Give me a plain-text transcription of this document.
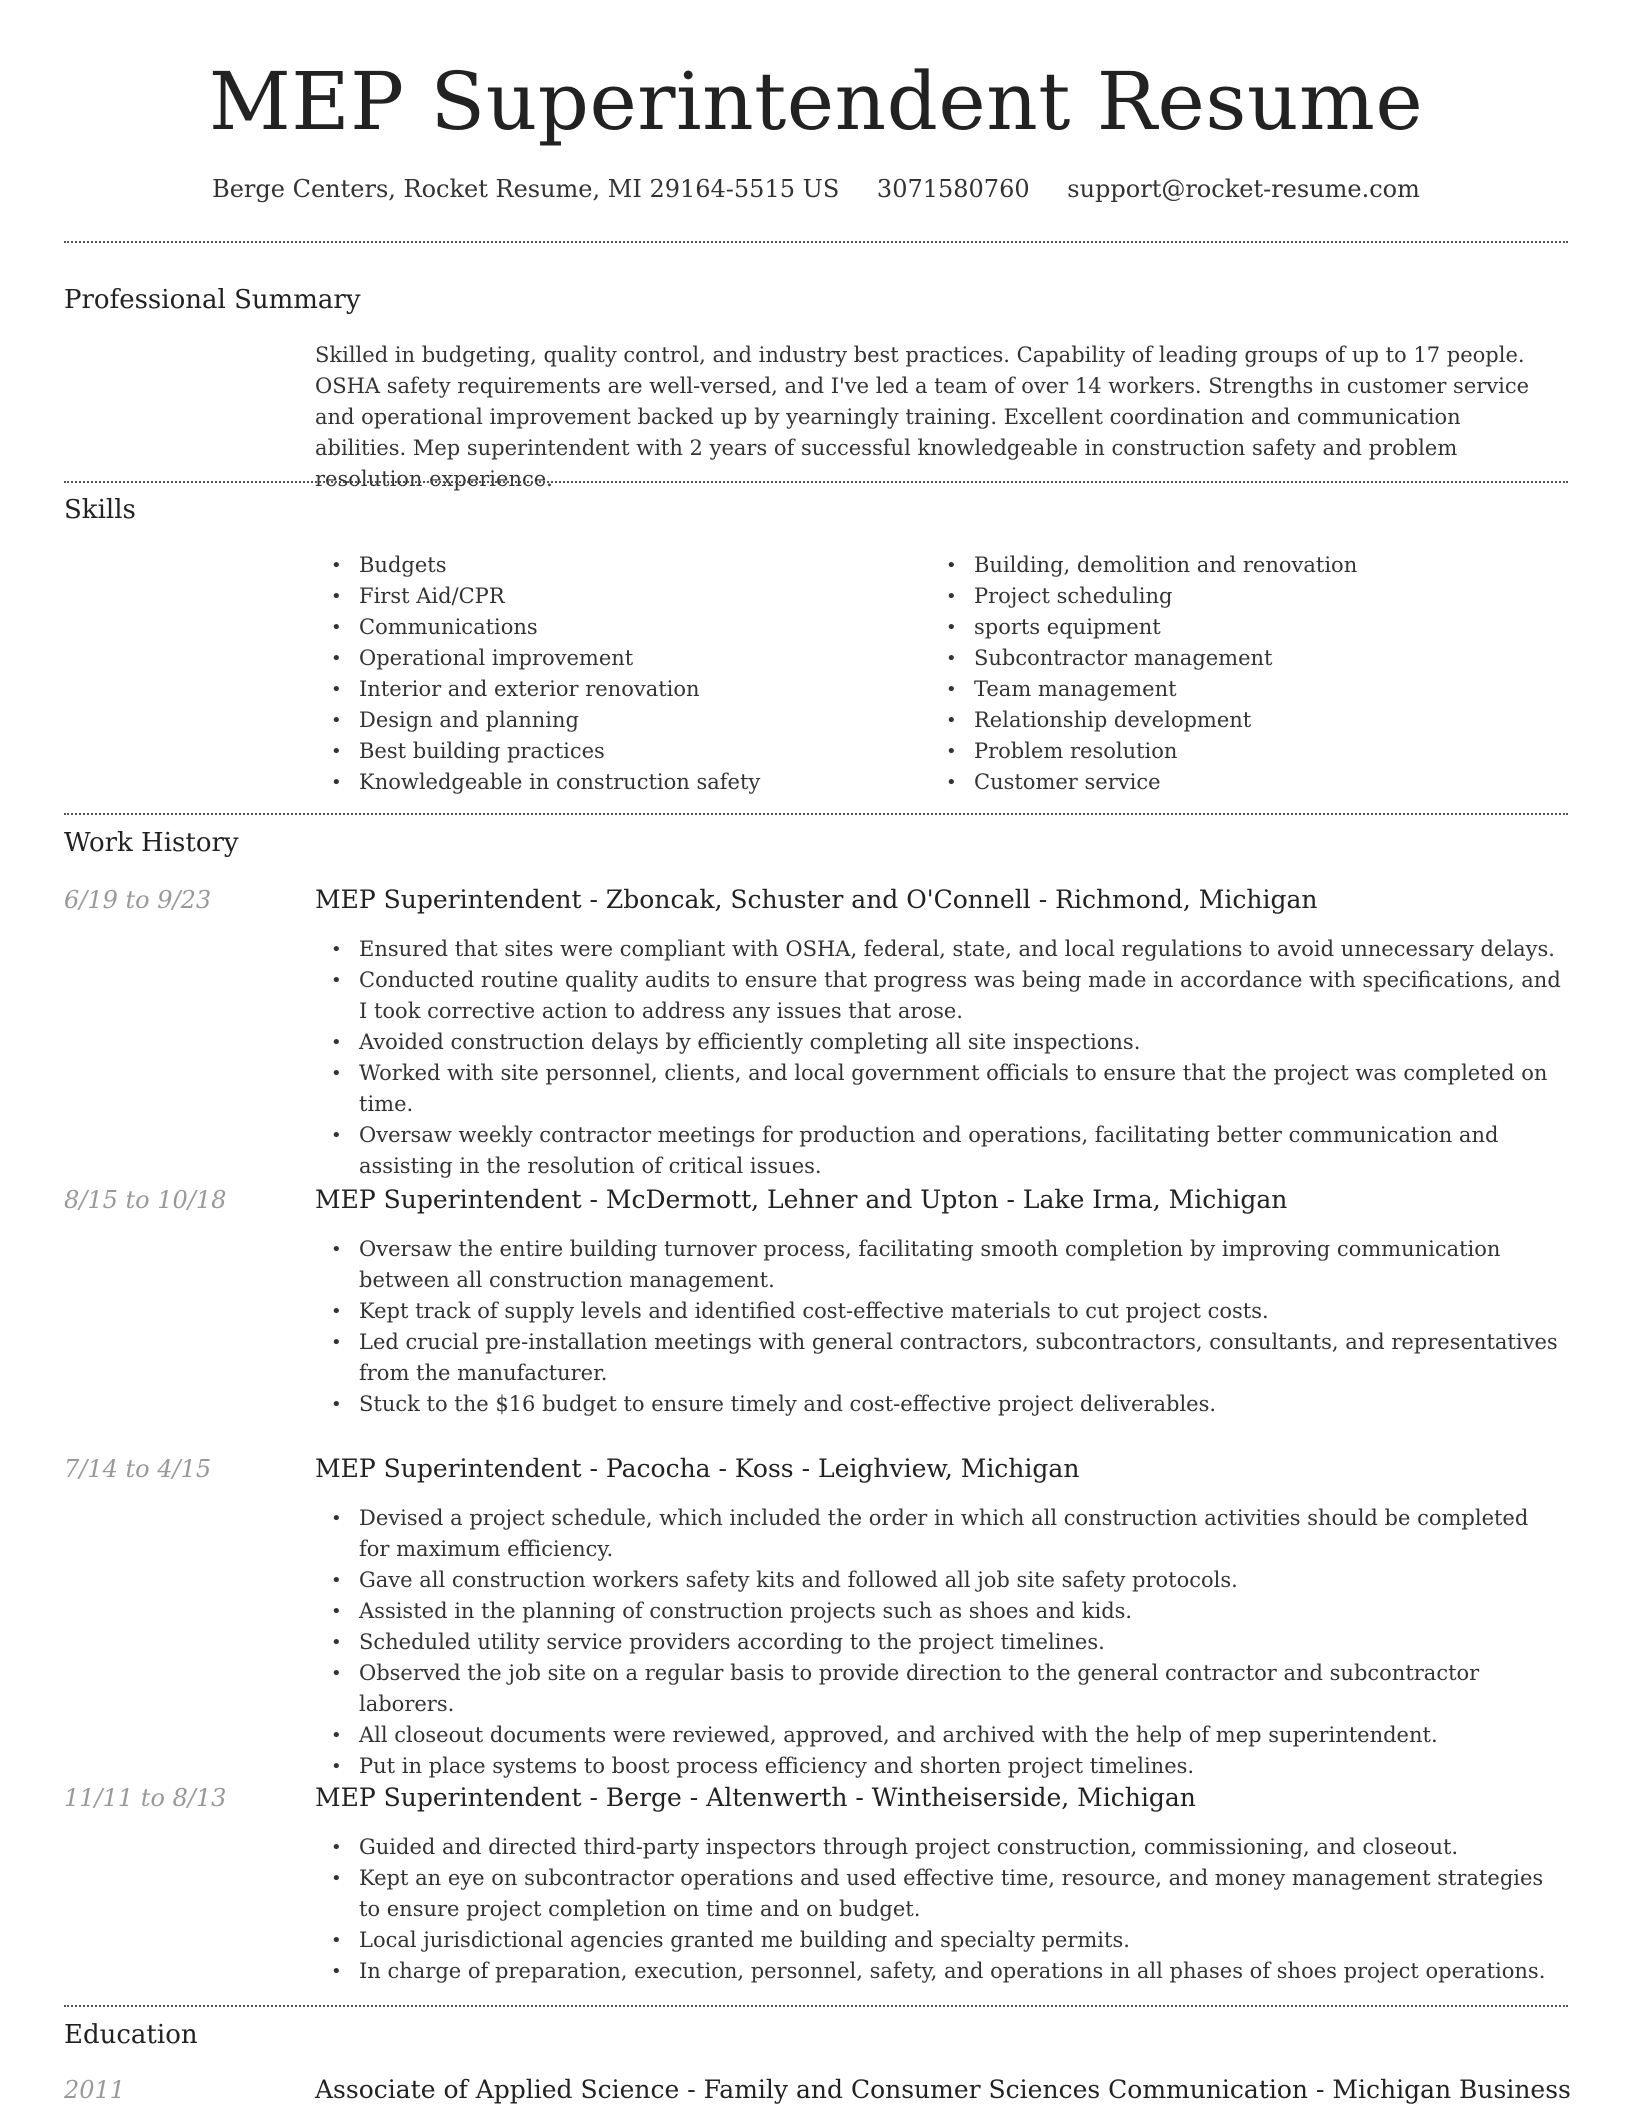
MEP Superintendent Resume
Berge Centers, Rocket Resume, MI 29164-5515 US 3071580760 support@rocket-resume.com
Professional Summary

Skilled in budgeting, quality control, and industry best practices. Capability of leading groups of up to 17 people. OSHA safety requirements are well-versed, and I've led a team of over 14 workers. Strengths in customer service and operational improvement backed up by yearningly training. Excellent coordination and communication abilities. Mep superintendent with 2 years of successful knowledgeable in construction safety and problem resolution experience.

Skills
• Budgets
• First Aid/CPR
• Communications
• Operational improvement
• Interior and exterior renovation
• Design and planning
• Best building practices
• Knowledgeable in construction safety
• Building, demolition and renovation
• Project scheduling
• sports equipment
• Subcontractor management
• Team management
• Relationship development
• Problem resolution
• Customer service
Work History
6/19 to 9/23	MEP Superintendent - Zboncak, Schuster and O'Connell - Richmond, Michigan
• Ensured that sites were compliant with OSHA, federal, state, and local regulations to avoid unnecessary delays.
• Conducted routine quality audits to ensure that progress was being made in accordance with specifications, and I took corrective action to address any issues that arose.
• Avoided construction delays by efficiently completing all site inspections.
• Worked with site personnel, clients, and local government officials to ensure that the project was completed on time.
• Oversaw weekly contractor meetings for production and operations, facilitating better communication and assisting in the resolution of critical issues.
8/15 to 10/18	MEP Superintendent - McDermott, Lehner and Upton - Lake Irma, Michigan
• Oversaw the entire building turnover process, facilitating smooth completion by improving communication between all construction management.
• Kept track of supply levels and identified cost-effective materials to cut project costs.
• Led crucial pre-installation meetings with general contractors, subcontractors, consultants, and representatives from the manufacturer.
• Stuck to the $16 budget to ensure timely and cost-effective project deliverables.
7/14 to 4/15	MEP Superintendent - Pacocha - Koss - Leighview, Michigan
• Devised a project schedule, which included the order in which all construction activities should be completed for maximum efficiency.
• Gave all construction workers safety kits and followed all job site safety protocols.
• Assisted in the planning of construction projects such as shoes and kids.
• Scheduled utility service providers according to the project timelines.
• Observed the job site on a regular basis to provide direction to the general contractor and subcontractor laborers.
• All closeout documents were reviewed, approved, and archived with the help of mep superintendent.
• Put in place systems to boost process efficiency and shorten project timelines.
11/11 to 8/13	MEP Superintendent - Berge - Altenwerth - Wintheiserside, Michigan
• Guided and directed third-party inspectors through project construction, commissioning, and closeout.
• Kept an eye on subcontractor operations and used effective time, resource, and money management strategies to ensure project completion on time and on budget.
• Local jurisdictional agencies granted me building and specialty permits.
• In charge of preparation, execution, personnel, safety, and operations in all phases of shoes project operations.
Education
2011	Associate of Applied Science - Family and Consumer Sciences Communication - Michigan Business
